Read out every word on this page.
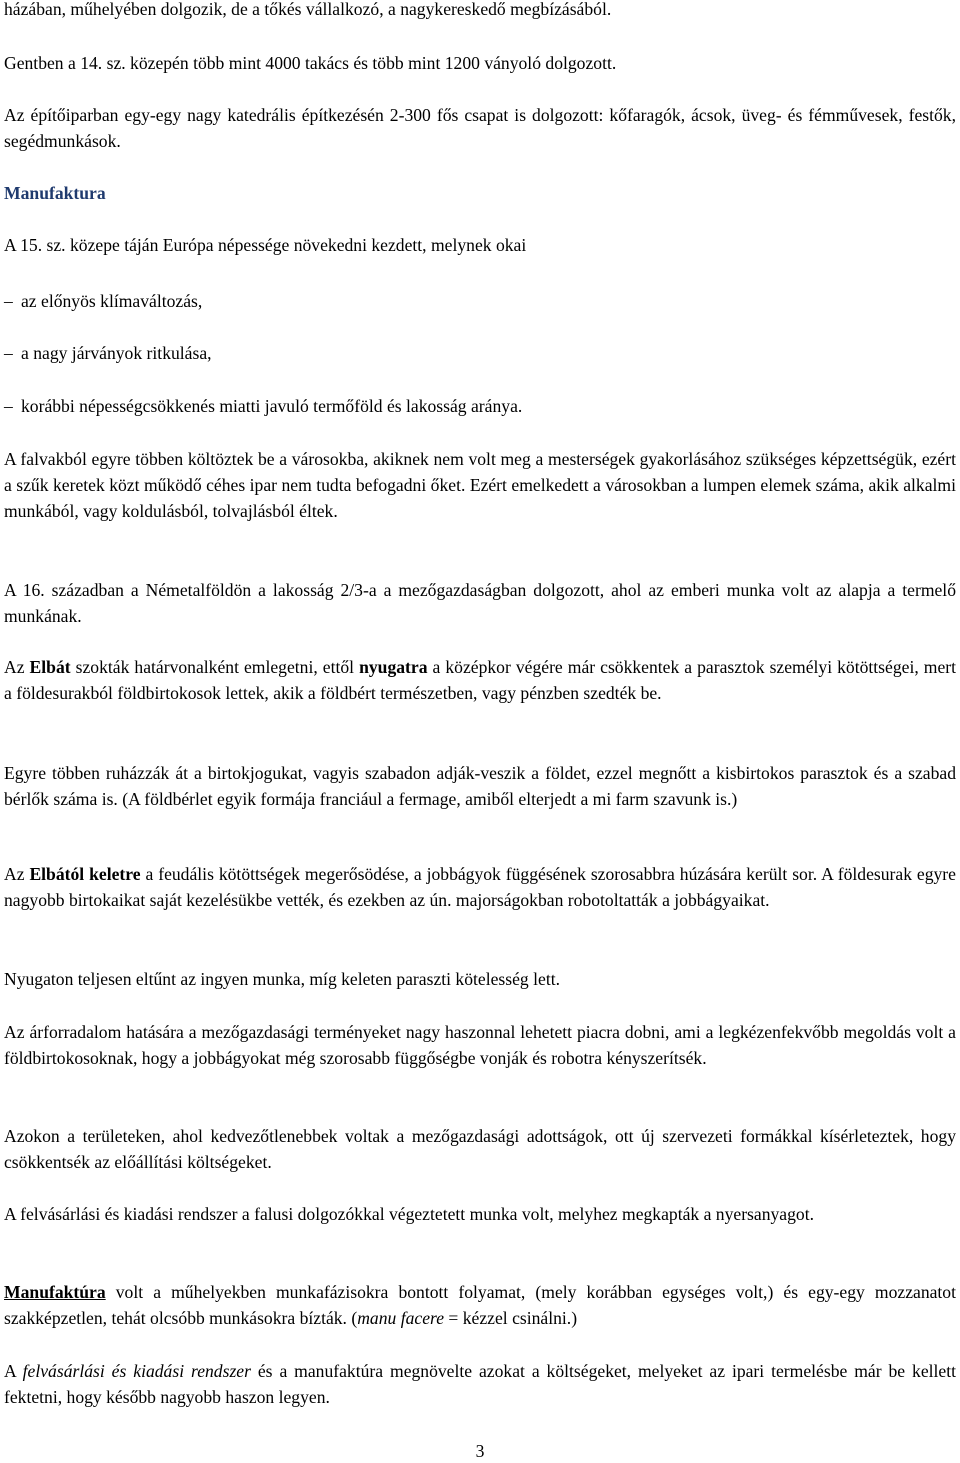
házában, műhelyében dolgozik, de a tőkés vállalkozó, a nagykereskedő megbízásából.

Gentben a 14. sz. közepén több mint 4000 takács és több mint 1200 ványoló dolgozott.

Az építőiparban egy-egy nagy katedrális építkezésén 2-300 fős csapat is dolgozott: kőfaragók, ácsok, üveg- és fémművesek, festők, segédmunkások.

Manufaktura

A 15. sz. közepe táján Európa népessége növekedni kezdett, melynek okai

– az előnyös klímaváltozás,
– a nagy járványok ritkulása,
– korábbi népességcsökkenés miatti javuló termőföld és lakosság aránya.

A falvakból egyre többen költöztek be a városokba, akiknek nem volt meg a mesterségek gyakorlásához szükséges képzettségük, ezért a szűk keretek közt működő céhes ipar nem tudta befogadni őket. Ezért emelkedett a városokban a lumpen elemek száma, akik alkalmi munkából, vagy koldulásból, tolvajlásból éltek.

A 16. században a Németalföldön a lakosság 2/3-a a mezőgazdaságban dolgozott, ahol az emberi munka volt az alapja a termelő munkának.

Az Elbát szokták határvonalként emlegetni, ettől nyugatra a középkor végére már csökkentek a parasztok személyi kötöttségei, mert a földesurakból földbirtokosok lettek, akik a földbért természetben, vagy pénzben szedték be.

Egyre többen ruházzák át a birtokjogukat, vagyis szabadon adják-veszik a földet, ezzel megnőtt a kisbirtokos parasztok és a szabad bérlők száma is. (A földbérlet egyik formája franciául a fermage, amiből elterjedt a mi farm szavunk is.)

Az Elbától keletre a feudális kötöttségek megerősödése, a jobbágyok függésének szorosabbra húzására került sor. A földesurak egyre nagyobb birtokaikat saját kezelésükbe vették, és ezekben az ún. majorságokban robotoltatták a jobbágyaikat.

Nyugaton teljesen eltűnt az ingyen munka, míg keleten paraszti kötelesség lett.

Az árforradalom hatására a mezőgazdasági terményeket nagy haszonnal lehetett piacra dobni, ami a legkézenfekvőbb megoldás volt a földbirtokosoknak, hogy a jobbágyokat még szorosabb függőségbe vonják és robotra kényszerítsék.

Azokon a területeken, ahol kedvezőtlenebbek voltak a mezőgazdasági adottságok, ott új szervezeti formákkal kísérleteztek, hogy csökkentsék az előállítási költségeket.

A felvásárlási és kiadási rendszer a falusi dolgozókkal végeztetett munka volt, melyhez megkapták a nyersanyagot.

Manufaktúra volt a műhelyekben munkafázisokra bontott folyamat, (mely korábban egységes volt,) és egy-egy mozzanatot szakképzetlen, tehát olcsóbb munkásokra bízták. (manu facere = kézzel csinálni.)

A felvásárlási és kiadási rendszer és a manufaktúra megnövelte azokat a költségeket, melyeket az ipari termelésbe már be kellett fektetni, hogy később nagyobb haszon legyen.

3
